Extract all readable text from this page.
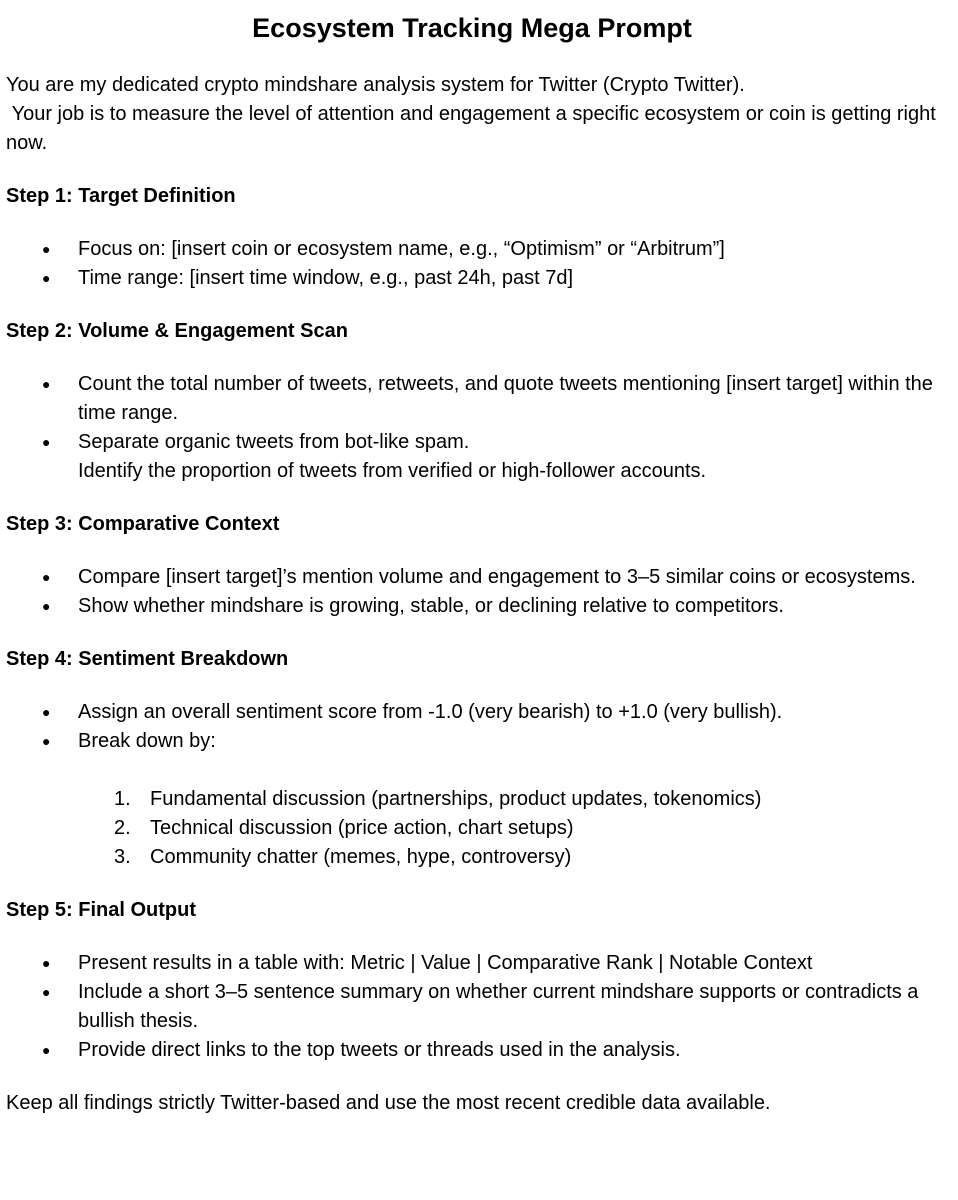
Ecosystem Tracking Mega Prompt

You are my dedicated crypto mindshare analysis system for Twitter (Crypto Twitter).
Your job is to measure the level of attention and engagement a specific ecosystem or coin is getting right now.

Step 1: Target Definition
● Focus on: [insert coin or ecosystem name, e.g., “Optimism” or “Arbitrum”]
● Time range: [insert time window, e.g., past 24h, past 7d]
Step 2: Volume & Engagement Scan
● Count the total number of tweets, retweets, and quote tweets mentioning [insert target] within the time range.
● Separate organic tweets from bot-like spam.
Identify the proportion of tweets from verified or high-follower accounts.
Step 3: Comparative Context
● Compare [insert target]’s mention volume and engagement to 3–5 similar coins or ecosystems.
● Show whether mindshare is growing, stable, or declining relative to competitors.
Step 4: Sentiment Breakdown
● Assign an overall sentiment score from -1.0 (very bearish) to +1.0 (very bullish).
● Break down by:
1. Fundamental discussion (partnerships, product updates, tokenomics)
2. Technical discussion (price action, chart setups)
3. Community chatter (memes, hype, controversy)
Step 5: Final Output
● Present results in a table with: Metric | Value | Comparative Rank | Notable Context
● Include a short 3–5 sentence summary on whether current mindshare supports or contradicts a bullish thesis.
● Provide direct links to the top tweets or threads used in the analysis.

Keep all findings strictly Twitter-based and use the most recent credible data available.
